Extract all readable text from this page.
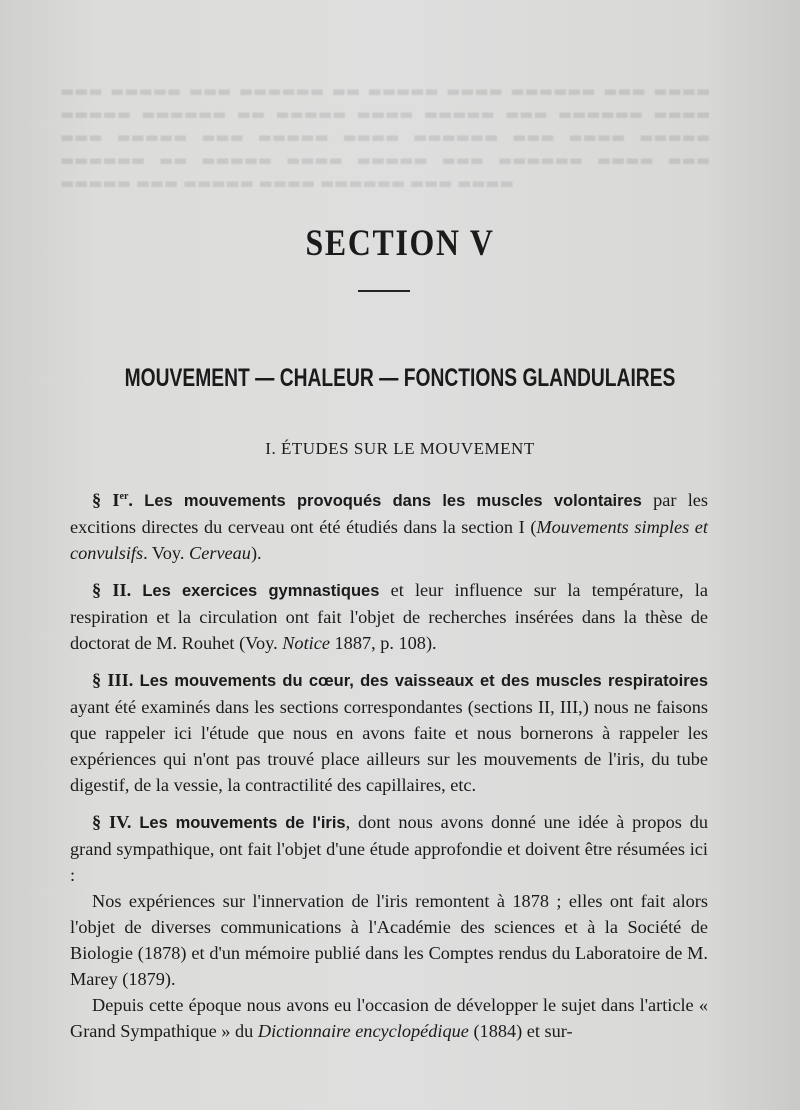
▬▬▬ ▬▬▬▬▬ ▬▬▬ ▬▬▬▬▬▬ ▬▬ ▬▬▬▬▬ ▬▬▬▬ ▬▬▬▬▬▬ ▬▬▬ ▬▬▬▬ ▬▬▬▬▬ ▬▬▬▬▬▬ ▬▬ ▬▬▬▬▬ ▬▬▬▬ ▬▬▬▬▬ ▬▬▬ ▬▬▬▬▬▬ ▬▬▬▬ ▬▬▬ ▬▬▬▬▬ ▬▬▬ ▬▬▬▬▬ ▬▬▬▬ ▬▬▬▬▬▬ ▬▬▬ ▬▬▬▬ ▬▬▬▬▬ ▬▬▬▬▬▬ ▬▬ ▬▬▬▬▬ ▬▬▬▬ ▬▬▬▬▬ ▬▬▬ ▬▬▬▬▬▬ ▬▬▬▬ ▬▬▬ ▬▬▬▬▬ ▬▬▬ ▬▬▬▬▬ ▬▬▬▬ ▬▬▬▬▬▬ ▬▬▬ ▬▬▬▬
SECTION V
MOUVEMENT — CHALEUR — FONCTIONS GLANDULAIRES
I. ÉTUDES SUR LE MOUVEMENT

§ Ier. Les mouvements provoqués dans les muscles volontaires par les excitions directes du cerveau ont été étudiés dans la section I (Mouvements simples et convulsifs. Voy. Cerveau).

§ II. Les exercices gymnastiques et leur influence sur la température, la respiration et la circulation ont fait l'objet de recherches insérées dans la thèse de doctorat de M. Rouhet (Voy. Notice 1887, p. 108).

§ III. Les mouvements du cœur, des vaisseaux et des muscles respiratoires ayant été examinés dans les sections correspondantes (sections II, III,) nous ne faisons que rappeler ici l'étude que nous en avons faite et nous bornerons à rappeler les expériences qui n'ont pas trouvé place ailleurs sur les mouvements de l'iris, du tube digestif, de la vessie, la contractilité des capillaires, etc.

§ IV. Les mouvements de l'iris, dont nous avons donné une idée à propos du grand sympathique, ont fait l'objet d'une étude approfondie et doivent être résumées ici :

Nos expériences sur l'innervation de l'iris remontent à 1878 ; elles ont fait alors l'objet de diverses communications à l'Académie des sciences et à la Société de Biologie (1878) et d'un mémoire publié dans les Comptes rendus du Laboratoire de M. Marey (1879).

Depuis cette époque nous avons eu l'occasion de développer le sujet dans l'article « Grand Sympathique » du Dictionnaire encyclopédique (1884) et sur-
